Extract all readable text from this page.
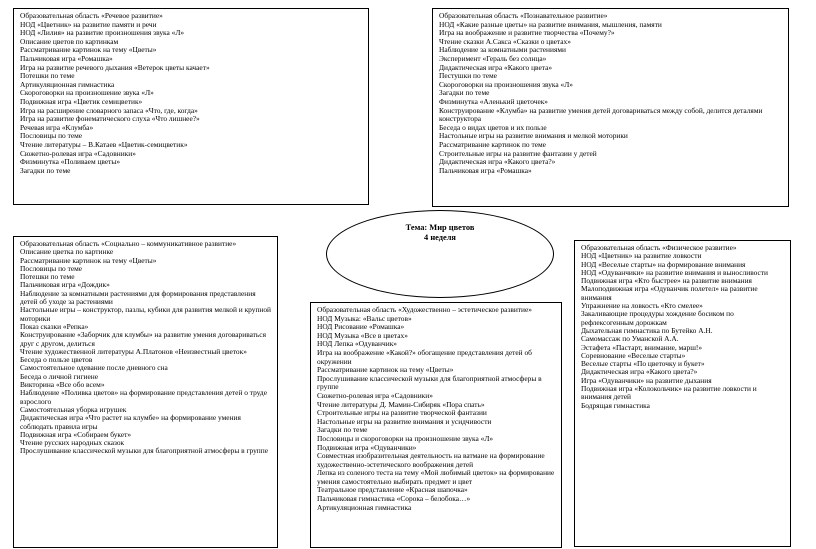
Образовательная область «Речевое развитие»
НОД «Цветник» на развитие памяти и речи
НОД «Лилия» на развитие произношения звука «Л»
Описание цветов по картинкам
Рассматривание картинок на тему «Цветы»
Пальчиковая игра «Ромашка»
Игра на развитие речевого дыхания «Ветерок цветы качает»
Потешки по теме
Артикуляционная гимнастика
Скороговорки на произношение звука «Л»
Подвижная игра «Цветик семицветик»
Игра на расширение словарного запаса «Что, где, когда»
Игра на развитие фонематического слуха «Что лишнее?»
Речевая игра «Клумба»
Пословицы по теме
Чтение литературы – В.Катаев «Цветик-семицветик»
Сюжетно-ролевая игра «Садовники»
Физминутка «Поливаем цветы»
Загадки по теме
Образовательная область «Познавательное развитие»
НОД «Какие разные цветы» на развитие внимания, мышления, памяти
Игра на воображение и развитие творчества «Почему?»
Чтение сказки А.Сакса «Сказки о цветах»
Наблюдение за комнатными растениями
Эксперимент «Гераль без солнца»
Дидактическая игра «Какого цвета»
Пестушки по теме
Скороговорки на произношения звука «Л»
Загадки по теме
Физминутка «Аленький цветочек»
Конструирование «Клумба» на развитие умения детей договариваться между собой, делится деталями конструктора
Беседа о видах цветов и их пользе
Настольные игры на развитие внимания и мелкой моторики
Рассматривание картинок по теме
Строительные игры на развитие фантазии у детей
Дидактическая игра «Какого цвета?»
Пальчиковая игра «Ромашка»
Тема: Мир цветов
4 неделя
Образовательная область «Социально – коммуникативное развитие»
Описание цветка по картинке
Рассматривание картинок на тему «Цветы»
Пословицы по теме
Потешки по теме
Пальчиковая игра «Дождик»
Наблюдение за комнатными растениями для формирования представления детей об уходе за растениями
Настольные игры – конструктор, пазлы, кубики для развития мелкой и крупной моторики
Показ сказки «Репка»
Конструирование «Заборчик для клумбы» на развитие умения договариваться друг с другом, делиться
Чтение художественной литературы А.Платонов «Неизвестный цветок»
Беседа о пользе цветов
Самостоятельное одевание после дневного сна
Беседа о личной гигиене
Викторина «Все обо всем»
Наблюдение «Поливка цветов» на формирование представления детей о труде взрослого
Самостоятельная уборка игрушек
Дидактическая игра «Что растет на клумбе» на формирование умения соблюдать правила игры
Подвижная игра «Собираем букет»
Чтение русских народных сказок
Прослушивание классической музыки для благоприятной атмосферы в группе
Образовательная область «Художественно – эстетическое развитие»
НОД Музыка: «Вальс цветов»
НОД Рисование «Ромашка»
НОД Музыка «Все в цветах»
НОД Лепка «Одуванчик»
Игра на воображение «Какой?» обогащение представления детей об окружении
Рассматривание картинок на тему «Цветы»
Прослушивание классической музыки для благоприятной атмосферы в группе
Сюжетно-ролевая игра «Садовники»
Чтение литературы Д. Мамин-Сибиряк «Пора спать»
Строительные игры на развитие творческой фантазии
Настольные игры на развитие внимания и усидчивости
Загадки по теме
Пословицы и скороговорки на произношение звука «Л»
Подвижная игра «Одуванчики»
Совместная изобразительная деятельность на ватмане на формирование художественно-эстетического воображения детей
Лепка из соленого теста на тему «Мой любимый цветок» на формирование умения самостоятельно выбирать предмет и цвет
Театральное представление «Красная шапочка»
Пальчиковая гимнастика «Сорока – белобока…»
Артикуляционная гимнастика
Образовательная область «Физическое развитие»
НОД «Цветник» на развитие ловкости
НОД «Веселые старты» на формирование внимания
НОД «Одуванчики» на развитие внимания и выносливости
Подвижная игра «Кто быстрее» на развитие внимания
Малоподвижная игра «Одуванчик полетел» на развитие внимания
Упражнение на ловкость «Кто смелее»
Закаливающие процедуры хождение босиком по рефлексогенным дорожкам
Дыхательная гимнастика по Бутейко А.Н.
Самомассаж по Уманской А.А.
Эстафета «Пастарт, внимание, марш!»
Соревнование «Веселые старты»
Веселые старты «По цветочку и букет»
Дидактическая игра «Какого цвета?»
Игра «Одуванчики» на развитие дыхания
Подвижная игра «Колокольчик» на развитие ловкости и внимания детей
Бодрящая гимнастика
